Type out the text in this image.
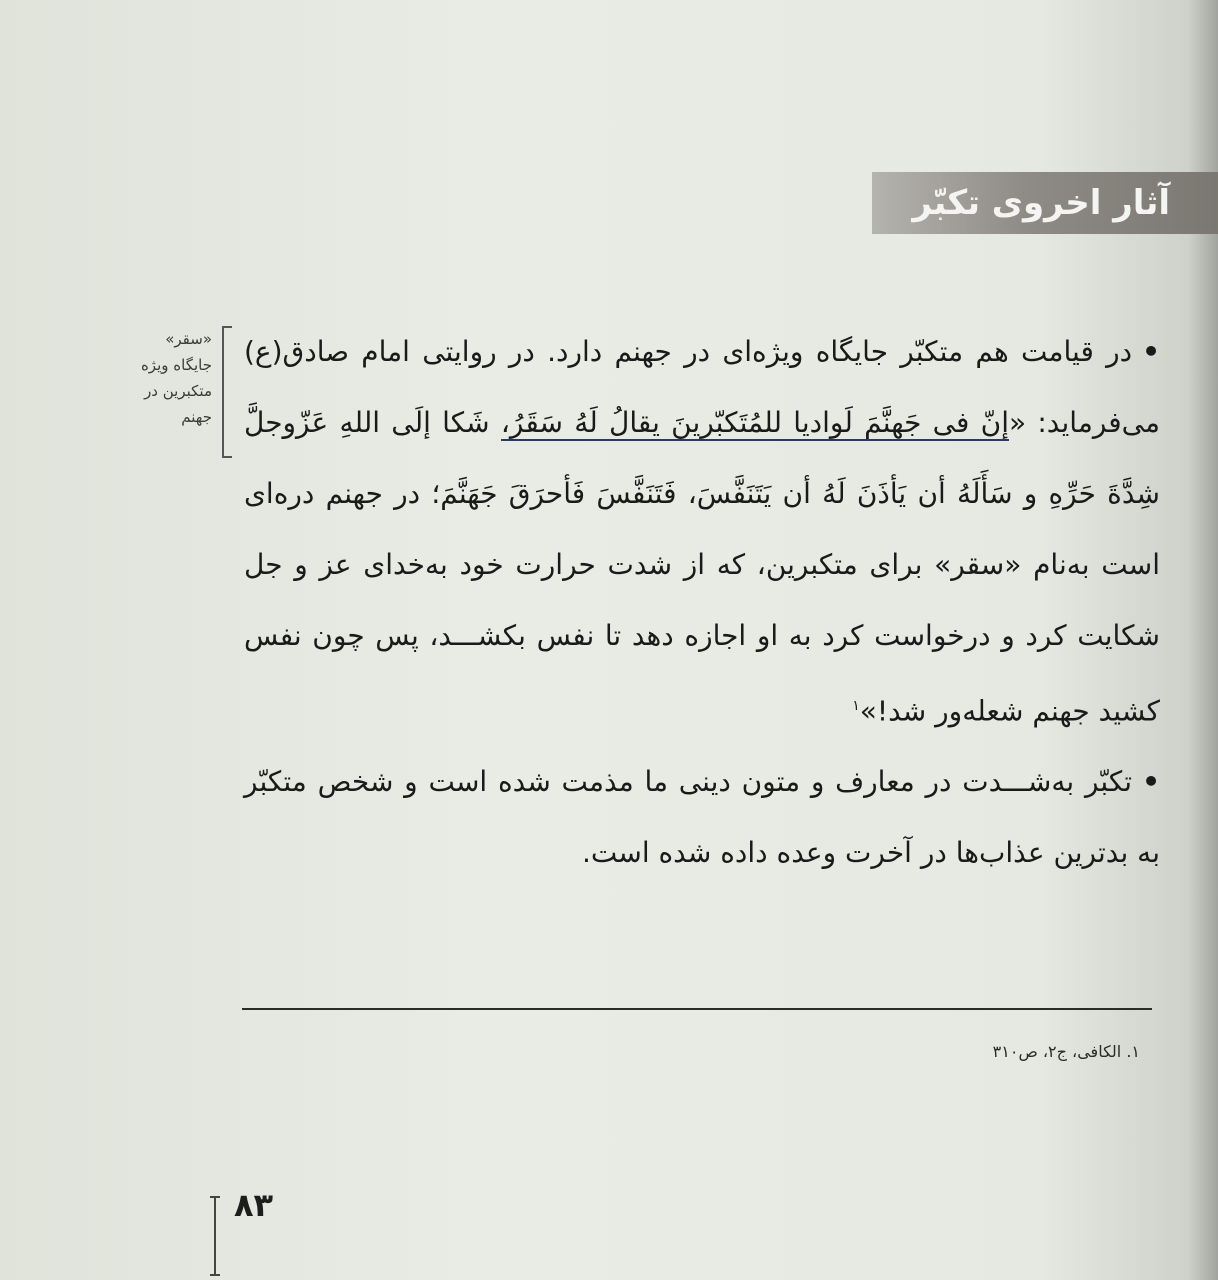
آثار اخروی تکبّر
«سقر» جایگاه ویژه متکبرین در جهنم

•در قیامت هم متکبّر جایگاه ویژه‌ای در جهنم دارد. در روایتی امام صادق(ع) می‌فرماید: «إنّ فی جَهنَّمَ لَوادیا للمُتَکبّرینَ یقالُ لَهُ سَقَرُ، شَکا إلَی اللهِ عَزّوجلَّ شِدَّةَ حَرِّهِ و سَأَلَهُ أن یَأذَنَ لَهُ أن یَتَنَفَّسَ، فَتَنَفَّسَ فَأحرَقَ جَهَنَّمَ؛ در جهنم دره‌ای است به‌نام «سقر» برای متکبرین، که از شدت حرارت خود به‌خدای عز و جل شکایت کرد و درخواست کرد به او اجازه دهد تا نفس بکشـــد، پس چون نفس کشید جهنم شعله‌ور شد!»$^۱$

•تکبّر به‌شـــدت در معارف و متون دینی ما مذمت شده است و شخص متکبّر به بدترین عذاب‌ها در آخرت وعده داده شده است.

۱. الکافی، ج۲، ص۳۱۰
۸۳
